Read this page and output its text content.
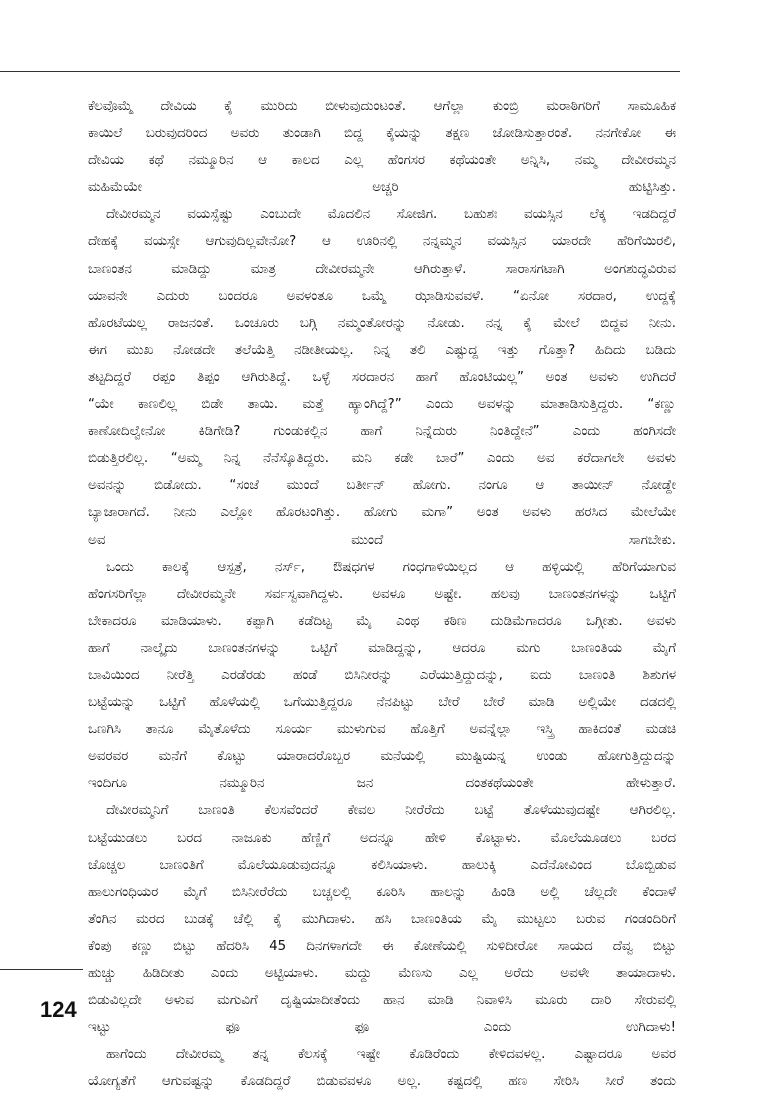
ಕೆಲವೊಮ್ಮೆ ದೇವಿಯ ಕೈ ಮುರಿದು ಬೀಳುವುದುಂಟಂತೆ. ಆಗೆಲ್ಲಾ ಕುಂಬ್ರಿ ಮರಾಠಿಗರಿಗೆ ಸಾಮೂಹಿಕ
ಕಾಯಿಲೆ ಬರುವುದರಿಂದ ಅವರು ತುಂಡಾಗಿ ಬಿದ್ದ ಕೈಯನ್ನು ತಕ್ಷಣ ಜೋಡಿಸುತ್ತಾರಂತೆ. ನನಗೇಕೋ ಈ
ದೇವಿಯ ಕಥೆ ನಮ್ಮೂರಿನ ಆ ಕಾಲದ ಎಲ್ಲ ಹೆಂಗಸರ ಕಥೆಯಂತೇ ಅನ್ನಿಸಿ, ನಮ್ಮ ದೇವೀರಮ್ಮನ
ಮಹಿಮೆಯೇ ಅಚ್ಚರಿ ಹುಟ್ಟಿಸಿತ್ತು.

ದೇವೀರಮ್ಮನ ವಯಸ್ಸೆಷ್ಟು ಎಂಬುದೇ ಮೊದಲಿನ ಸೋಜಿಗ. ಬಹುಶಃ ವಯಸ್ಸಿನ ಲೆಕ್ಕ ಇಡದಿದ್ದರೆ
ದೇಹಕ್ಕೆ ವಯಸ್ಸೇ ಆಗುವುದಿಲ್ಲವೇನೋ? ಆ ಊರಿನಲ್ಲಿ ನನ್ನಮ್ಮನ ವಯಸ್ಸಿನ ಯಾರದೇ ಹೆರಿಗೆಯಿರಲಿ,
ಬಾಣಂತನ ಮಾಡಿದ್ದು ಮಾತ್ರ ದೇವೀರಮ್ಮನೇ ಆಗಿರುತ್ತಾಳೆ. ಸಾರಾಸಗಟಾಗಿ ಅಂಗಶುದ್ಧವಿರುವ
ಯಾವನೇ ಎದುರು ಬಂದರೂ ಅವಳಂತೂ ಒಮ್ಮೆ ಝಾಡಿಸುವವಳೆ. “ಏನೋ ಸರದಾರ, ಉದ್ದಕ್ಕೆ
ಹೊರಟೆಯಲ್ಲ ರಾಜನಂತೆ. ಒಂಚೂರು ಬಗ್ಗಿ ನಮ್ಮಂತೋರನ್ನು ನೋಡು. ನನ್ನ ಕೈ ಮೇಲೆ ಬಿದ್ದವ ನೀನು.
ಈಗ ಮುಖ ನೋಡದೇ ತಲೆಯೆತ್ತಿ ನಡೀತೀಯಲ್ಲ. ನಿನ್ನ ತಲಿ ಎಷ್ಟುದ್ದ ಇತ್ತು ಗೊತ್ತಾ? ಹಿದಿದು ಬಡಿದು
ತಟ್ಟದಿದ್ದರೆ ರಪ್ಪಂ ತಿಪ್ಪಂ ಆಗಿರುತಿದ್ದೆ. ಒಳ್ಳೆ ಸರದಾರನ ಹಾಗೆ ಹೊಂಟಿಯಲ್ಲ” ಅಂತ ಅವಳು ಉಗಿದರೆ
“ಯೇ ಕಾಣಲಿಲ್ಲ ಬಿಡೇ ತಾಯಿ. ಮತ್ತೆ ಹ್ಯಾಂಗಿದ್ದೆ?” ಎಂದು ಅವಳನ್ನು ಮಾತಾಡಿಸುತ್ತಿದ್ದರು. “ಕಣ್ಣು
ಕಾಣೋದಿಲ್ವೇನೋ ಕಿಡಿಗೇಡಿ? ಗುಂಡುಕಲ್ಲಿನ ಹಾಗೆ ನಿನ್ನೆದುರು ನಿಂತಿದ್ದೇನೆ” ಎಂದು ಹಂಗಿಸದೇ
ಬಿಡುತ್ತಿರಲಿಲ್ಲ. “ಅಮ್ಮ ನಿನ್ನ ನೆನೆಸ್ಕೊತಿದ್ದರು. ಮನಿ ಕಡೇ ಬಾರೆ” ಎಂದು ಅವ ಕರೆದಾಗಲೇ ಅವಳು
ಅವನನ್ನು ಬಿಡೋದು. “ಸಂಜೆ ಮುಂದೆ ಬರ್ತೀನ್ ಹೋಗು. ನಂಗೂ ಆ ತಾಯೀನ್ ನೋಡ್ದೇ
ಬ್ಯಾಜಾರಾಗದೆ. ನೀನು ಎಲ್ಲೋ ಹೊರಟಂಗಿತ್ತು. ಹೋಗು ಮಗಾ” ಅಂತ ಅವಳು ಹರಸಿದ ಮೇಲೆಯೇ
ಅವ ಮುಂದೆ ಸಾಗಬೇಕು.

ಒಂದು ಕಾಲಕ್ಕೆ ಆಸ್ಪತ್ರೆ, ನರ್ಸ್, ಔಷಧಗಳ ಗಂಧಗಾಳಿಯಿಲ್ಲದ ಆ ಹಳ್ಳಿಯಲ್ಲಿ ಹೆರಿಗೆಯಾಗುವ
ಹೆಂಗಸರಿಗೆಲ್ಲಾ ದೇವೀರಮ್ಮನೇ ಸರ್ವಸ್ವವಾಗಿದ್ದಳು. ಅವಳೂ ಅಷ್ಟೇ. ಹಲವು ಬಾಣಂತನಗಳನ್ನು ಒಟ್ಟಿಗೆ
ಬೇಕಾದರೂ ಮಾಡಿಯಾಳು. ಕಪ್ಪಾಗಿ ಕಡೆದಿಟ್ಟ ಮೈ ಎಂಥ ಕಠಿಣ ದುಡಿಮೆಗಾದರೂ ಒಗ್ಗೀತು. ಅವಳು
ಹಾಗೆ ನಾಲ್ಕೈದು ಬಾಣಂತನಗಳನ್ನು ಒಟ್ಟಿಗೆ ಮಾಡಿದ್ದನ್ನು, ಆದರೂ ಮಗು ಬಾಣಂತಿಯ ಮೈಗೆ
ಬಾವಿಯಿಂದ ನೀರೆತ್ತಿ ಎರಡೆರಡು ಹಂಡೆ ಬಿಸಿನೀರನ್ನು ಎರೆಯುತ್ತಿದ್ದುದನ್ನು, ಐದು ಬಾಣಂತಿ ಶಿಶುಗಳ
ಬಟ್ಟೆಯನ್ನು ಒಟ್ಟಿಗೆ ಹೊಳೆಯಲ್ಲಿ ಒಗೆಯುತ್ತಿದ್ದರೂ ನೆನಪಿಟ್ಟು ಬೇರೆ ಬೇರೆ ಮಾಡಿ ಅಲ್ಲಿಯೇ ದಡದಲ್ಲಿ
ಒಣಗಿಸಿ ತಾನೂ ಮೈತೊಳೆದು ಸೂರ್ಯ ಮುಳುಗುವ ಹೊತ್ತಿಗೆ ಅವನ್ನೆಲ್ಲಾ ಇಸ್ತ್ರಿ ಹಾಕಿದಂತೆ ಮಡಚಿ
ಅವರವರ ಮನೆಗೆ ಕೊಟ್ಟು ಯಾರಾದರೊಬ್ಬರ ಮನೆಯಲ್ಲಿ ಮುಷ್ಟಿಯನ್ನ ಉಂಡು ಹೋಗುತ್ತಿದ್ದುದನ್ನು
ಇಂದಿಗೂ ನಮ್ಮೂರಿನ ಜನ ದಂತಕಥೆಯಂತೇ ಹೇಳುತ್ತಾರೆ.

ದೇವೀರಮ್ಮನಿಗೆ ಬಾಣಂತಿ ಕೆಲಸವೆಂದರೆ ಕೇವಲ ನೀರೆರೆದು ಬಟ್ಟೆ ತೊಳೆಯುವುದಷ್ಟೇ ಆಗಿರಲಿಲ್ಲ.
ಬಟ್ಟೆಯುಡಲು ಬರದ ನಾಜೂಕು ಹೆಣ್ಣಿಗೆ ಅದನ್ನೂ ಹೇಳಿ ಕೊಟ್ಟಾಳು. ಮೊಲೆಯೂಡಲು ಬರದ
ಚೊಚ್ಚಲ ಬಾಣಂತಿಗೆ ಮೊಲೆಯೂಡುವುದನ್ನೂ ಕಲಿಸಿಯಾಳು. ಹಾಲುಕ್ಕಿ ಎದೆನೋವಿಂದ ಬೊಬ್ಬಿಡುವ
ಹಾಲುಗಂಧಿಯರ ಮೈಗೆ ಬಿಸಿನೀರೆರೆದು ಬಚ್ಚಲಲ್ಲಿ ಕೂರಿಸಿ ಹಾಲನ್ನು ಹಿಂಡಿ ಅಲ್ಲಿ ಚೆಲ್ಲದೇ ಕೆಂದಾಳೆ
ತೆಂಗಿನ ಮರದ ಬುಡಕ್ಕೆ ಚೆಲ್ಲಿ ಕೈ ಮುಗಿದಾಳು. ಹಸಿ ಬಾಣಂತಿಯ ಮೈ ಮುಟ್ಟಲು ಬರುವ ಗಂಡಂದಿರಿಗೆ
ಕೆಂಪು ಕಣ್ಣು ಬಿಟ್ಟು ಹೆದರಿಸಿ 45 ದಿನಗಳಾಗದೇ ಈ ಕೋಣೆಯಲ್ಲಿ ಸುಳಿದೀರೋ ಸಾಯದ ದೆವ್ವ ಬಿಟ್ಟು
ಹುಚ್ಚು ಹಿಡಿದೀತು ಎಂದು ಅಟ್ಟಿಯಾಳು. ಮದ್ದು ಮೆಣಸು ಎಲ್ಲ ಅರೆದು ಅವಳೇ ತಾಯಾದಾಳು.
ಬಿಡುವಿಲ್ಲದೇ ಅಳುವ ಮಗುವಿಗೆ ದೃಷ್ಟಿಯಾದೀತೆಂದು ಹಾನ ಮಾಡಿ ನಿವಾಳಿಸಿ ಮೂರು ದಾರಿ ಸೇರುವಲ್ಲಿ
ಇಟ್ಟು ಫೂ ಫೂ ಎಂದು ಉಗಿದಾಳು!

ಹಾಗೆಂದು ದೇವೀರಮ್ಮ ತನ್ನ ಕೆಲಸಕ್ಕೆ ಇಷ್ಟೇ ಕೊಡಿರೆಂದು ಕೇಳಿದವಳಲ್ಲ. ಎಷ್ಟಾದರೂ ಅವರ
ಯೋಗ್ಯತೆಗೆ ಆಗುವಷ್ಟನ್ನು ಕೊಡದಿದ್ದರೆ ಬಿಡುವವಳೂ ಅಲ್ಲ. ಕಷ್ಟದಲ್ಲಿ ಹಣ ಸೇರಿಸಿ ಸೀರೆ ತಂದು

124
